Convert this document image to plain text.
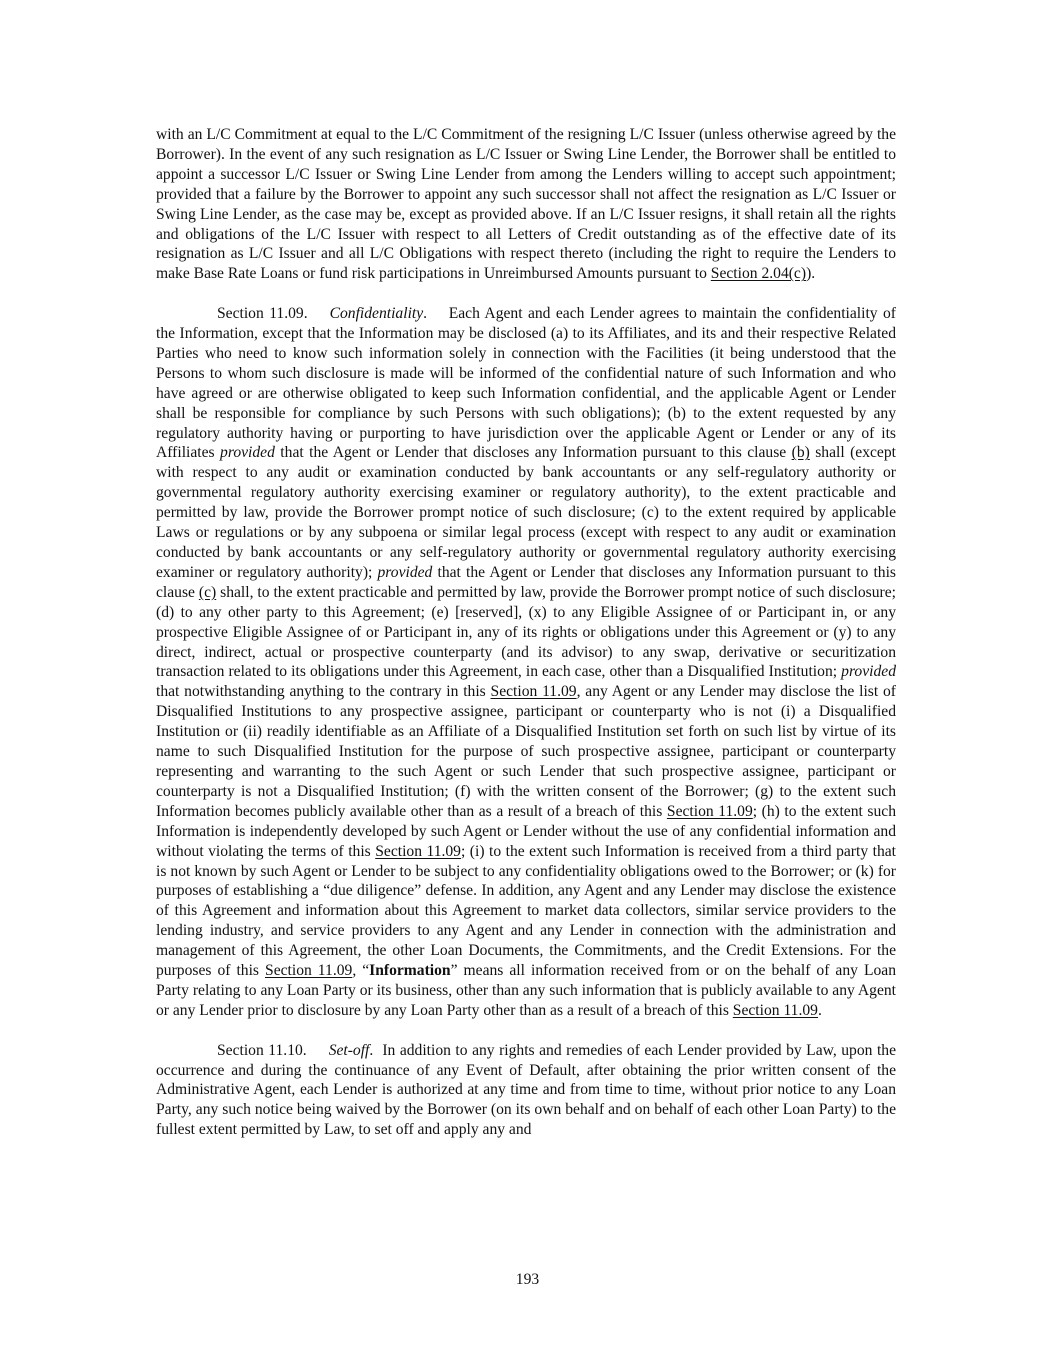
with an L/C Commitment at equal to the L/C Commitment of the resigning L/C Issuer (unless otherwise agreed by the Borrower). In the event of any such resignation as L/C Issuer or Swing Line Lender, the Borrower shall be entitled to appoint a successor L/C Issuer or Swing Line Lender from among the Lenders willing to accept such appointment; provided that a failure by the Borrower to appoint any such successor shall not affect the resignation as L/C Issuer or Swing Line Lender, as the case may be, except as provided above. If an L/C Issuer resigns, it shall retain all the rights and obligations of the L/C Issuer with respect to all Letters of Credit outstanding as of the effective date of its resignation as L/C Issuer and all L/C Obligations with respect thereto (including the right to require the Lenders to make Base Rate Loans or fund risk participations in Unreimbursed Amounts pursuant to Section 2.04(c)).

Section 11.09. Confidentiality.    Each Agent and each Lender agrees to maintain the confidentiality of the Information, except that the Information may be disclosed (a) to its Affiliates, and its and their respective Related Parties who need to know such information solely in connection with the Facilities (it being understood that the Persons to whom such disclosure is made will be informed of the confidential nature of such Information and who have agreed or are otherwise obligated to keep such Information confidential, and the applicable Agent or Lender shall be responsible for compliance by such Persons with such obligations); (b) to the extent requested by any regulatory authority having or purporting to have jurisdiction over the applicable Agent or Lender or any of its Affiliates provided that the Agent or Lender that discloses any Information pursuant to this clause (b) shall (except with respect to any audit or examination conducted by bank accountants or any self-regulatory authority or governmental regulatory authority exercising examiner or regulatory authority), to the extent practicable and permitted by law, provide the Borrower prompt notice of such disclosure; (c) to the extent required by applicable Laws or regulations or by any subpoena or similar legal process (except with respect to any audit or examination conducted by bank accountants or any self-regulatory authority or governmental regulatory authority exercising examiner or regulatory authority); provided that the Agent or Lender that discloses any Information pursuant to this clause (c) shall, to the extent practicable and permitted by law, provide the Borrower prompt notice of such disclosure; (d) to any other party to this Agreement; (e) [reserved], (x) to any Eligible Assignee of or Participant in, or any prospective Eligible Assignee of or Participant in, any of its rights or obligations under this Agreement or (y) to any direct, indirect, actual or prospective counterparty (and its advisor) to any swap, derivative or securitization transaction related to its obligations under this Agreement, in each case, other than a Disqualified Institution; provided that notwithstanding anything to the contrary in this Section 11.09, any Agent or any Lender may disclose the list of Disqualified Institutions to any prospective assignee, participant or counterparty who is not (i) a Disqualified Institution or (ii) readily identifiable as an Affiliate of a Disqualified Institution set forth on such list by virtue of its name to such Disqualified Institution for the purpose of such prospective assignee, participant or counterparty representing and warranting to the such Agent or such Lender that such prospective assignee, participant or counterparty is not a Disqualified Institution; (f) with the written consent of the Borrower; (g) to the extent such Information becomes publicly available other than as a result of a breach of this Section 11.09; (h) to the extent such Information is independently developed by such Agent or Lender without the use of any confidential information and without violating the terms of this Section 11.09; (i) to the extent such Information is received from a third party that is not known by such Agent or Lender to be subject to any confidentiality obligations owed to the Borrower; or (k) for purposes of establishing a “due diligence” defense. In addition, any Agent and any Lender may disclose the existence of this Agreement and information about this Agreement to market data collectors, similar service providers to the lending industry, and service providers to any Agent and any Lender in connection with the administration and management of this Agreement, the other Loan Documents, the Commitments, and the Credit Extensions. For the purposes of this Section 11.09, “Information” means all information received from or on the behalf of any Loan Party relating to any Loan Party or its business, other than any such information that is publicly available to any Agent or any Lender prior to disclosure by any Loan Party other than as a result of a breach of this Section 11.09.

Section 11.10. Set-off.  In addition to any rights and remedies of each Lender provided by Law, upon the occurrence and during the continuance of any Event of Default, after obtaining the prior written consent of the Administrative Agent, each Lender is authorized at any time and from time to time, without prior notice to any Loan Party, any such notice being waived by the Borrower (on its own behalf and on behalf of each other Loan Party) to the fullest extent permitted by Law, to set off and apply any and

193
